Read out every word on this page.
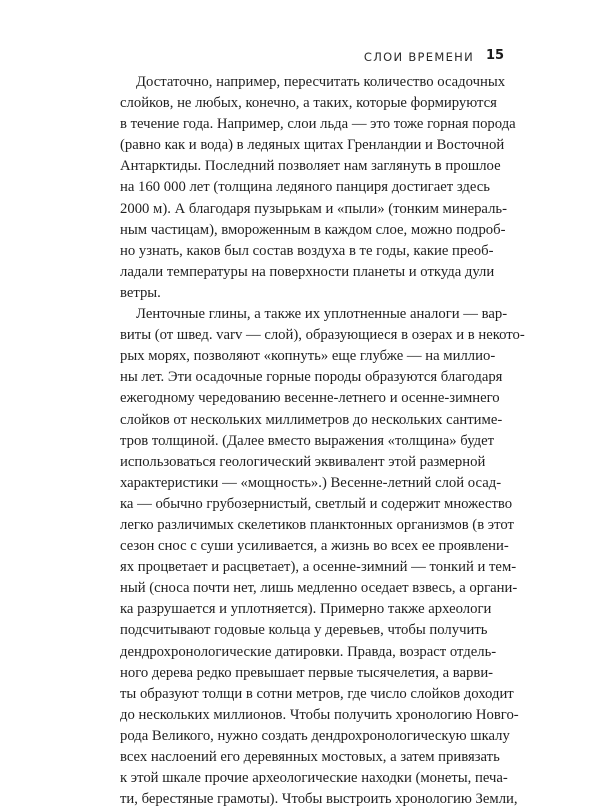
СЛОИ ВРЕМЕНИ 15
Достаточно, например, пересчитать количество осадочных
слойков, не любых, конечно, а таких, которые формируются
в течение года. Например, слои льда — это тоже горная порода
(равно как и вода) в ледяных щитах Гренландии и Восточной
Антарктиды. Последний позволяет нам заглянуть в прошлое
на 160 000 лет (толщина ледяного панциря достигает здесь
2000 м). А благодаря пузырькам и «пыли» (тонким минераль-
ным частицам), вмороженным в каждом слое, можно подроб-
но узнать, каков был состав воздуха в те годы, какие преоб-
ладали температуры на поверхности планеты и откуда дули
ветры.
Ленточные глины, а также их уплотненные аналоги — вар-
виты (от швед. varv — слой), образующиеся в озерах и в некото-
рых морях, позволяют «копнуть» еще глубже — на миллио-
ны лет. Эти осадочные горные породы образуются благодаря
ежегодному чередованию весенне-летнего и осенне-зимнего
слойков от нескольких миллиметров до нескольких сантиме-
тров толщиной. (Далее вместо выражения «толщина» будет
использоваться геологический эквивалент этой размерной
характеристики — «мощность».) Весенне-летний слой осад-
ка — обычно грубозернистый, светлый и содержит множество
легко различимых скелетиков планктонных организмов (в этот
сезон снос с суши усиливается, а жизнь во всех ее проявлени-
ях процветает и расцветает), а осенне-зимний — тонкий и тем-
ный (сноса почти нет, лишь медленно оседает взвесь, а органи-
ка разрушается и уплотняется). Примерно также археологи
подсчитывают годовые кольца у деревьев, чтобы получить
дендрохронологические датировки. Правда, возраст отдель-
ного дерева редко превышает первые тысячелетия, а варви-
ты образуют толщи в сотни метров, где число слойков доходит
до нескольких миллионов. Чтобы получить хронологию Новго-
рода Великого, нужно создать дендрохронологическую шкалу
всех наслоений его деревянных мостовых, а затем привязать
к этой шкале прочие археологические находки (монеты, печа-
ти, берестяные грамоты). Чтобы выстроить хронологию Земли,
